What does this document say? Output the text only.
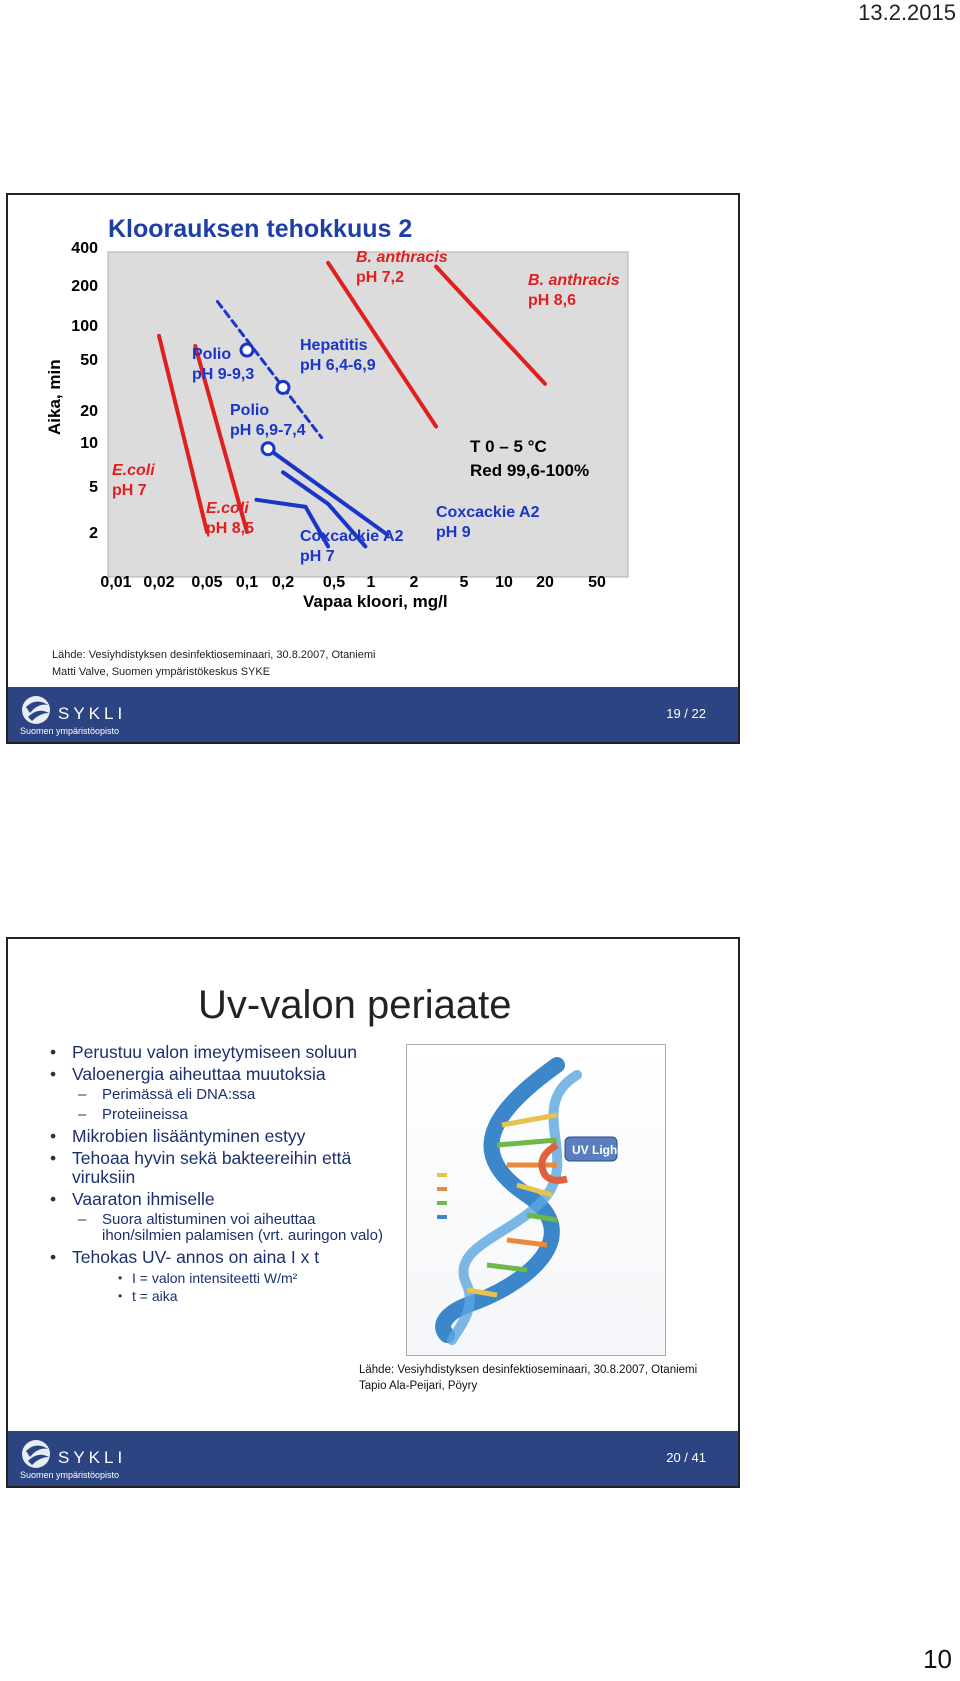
13.2.2015
Kloorauksen tehokkuus 2
E.coli
pH 7
E.coli
pH 8,5
B. anthracis
pH 7,2	B. anthracis
pH 8,6
Polio
pH 9-9,3
Polio
pH 6,9-7,4
Hepatitis
pH 6,4-6,9
Coxcackie A2
pH 7
Coxcackie A2
pH 9
400
200
100
50
20
10
5
2
0,01 0,02 0,05 0,1 0,2 0,5 1 2	5 10 20 50
Aika, min
Vapaa kloori, mg/l
T 0 – 5 °C
Red 99,6-100%
Lähde: Vesiyhdistyksen desinfektioseminaari, 30.8.2007, Otaniemi
Matti Valve, Suomen ympäristökeskus SYKE
SYKLI
Suomen ympäristöopisto
19 / 22
Uv-valon periaate
• Perustuu valon imeytymiseen soluun
• Valoenergia aiheuttaa muutoksia
– Perimässä eli DNA:ssa
– Proteiineissa
• Mikrobien lisääntyminen estyy
• Tehoaa hyvin sekä bakteereihin että viruksiin
• Vaaraton ihmiselle
– Suora altistuminen voi aiheuttaa ihon/silmien palamisen (vrt. auringon valo)
• Tehokas UV- annos on aina I x t
• I = valon intensiteetti W/m²
• t = aika
UV Light
Lähde: Vesiyhdistyksen desinfektioseminaari, 30.8.2007, Otaniemi
Tapio Ala-Peijari, Pöyry
SYKLI
Suomen ympäristöopisto
20 / 41
10
